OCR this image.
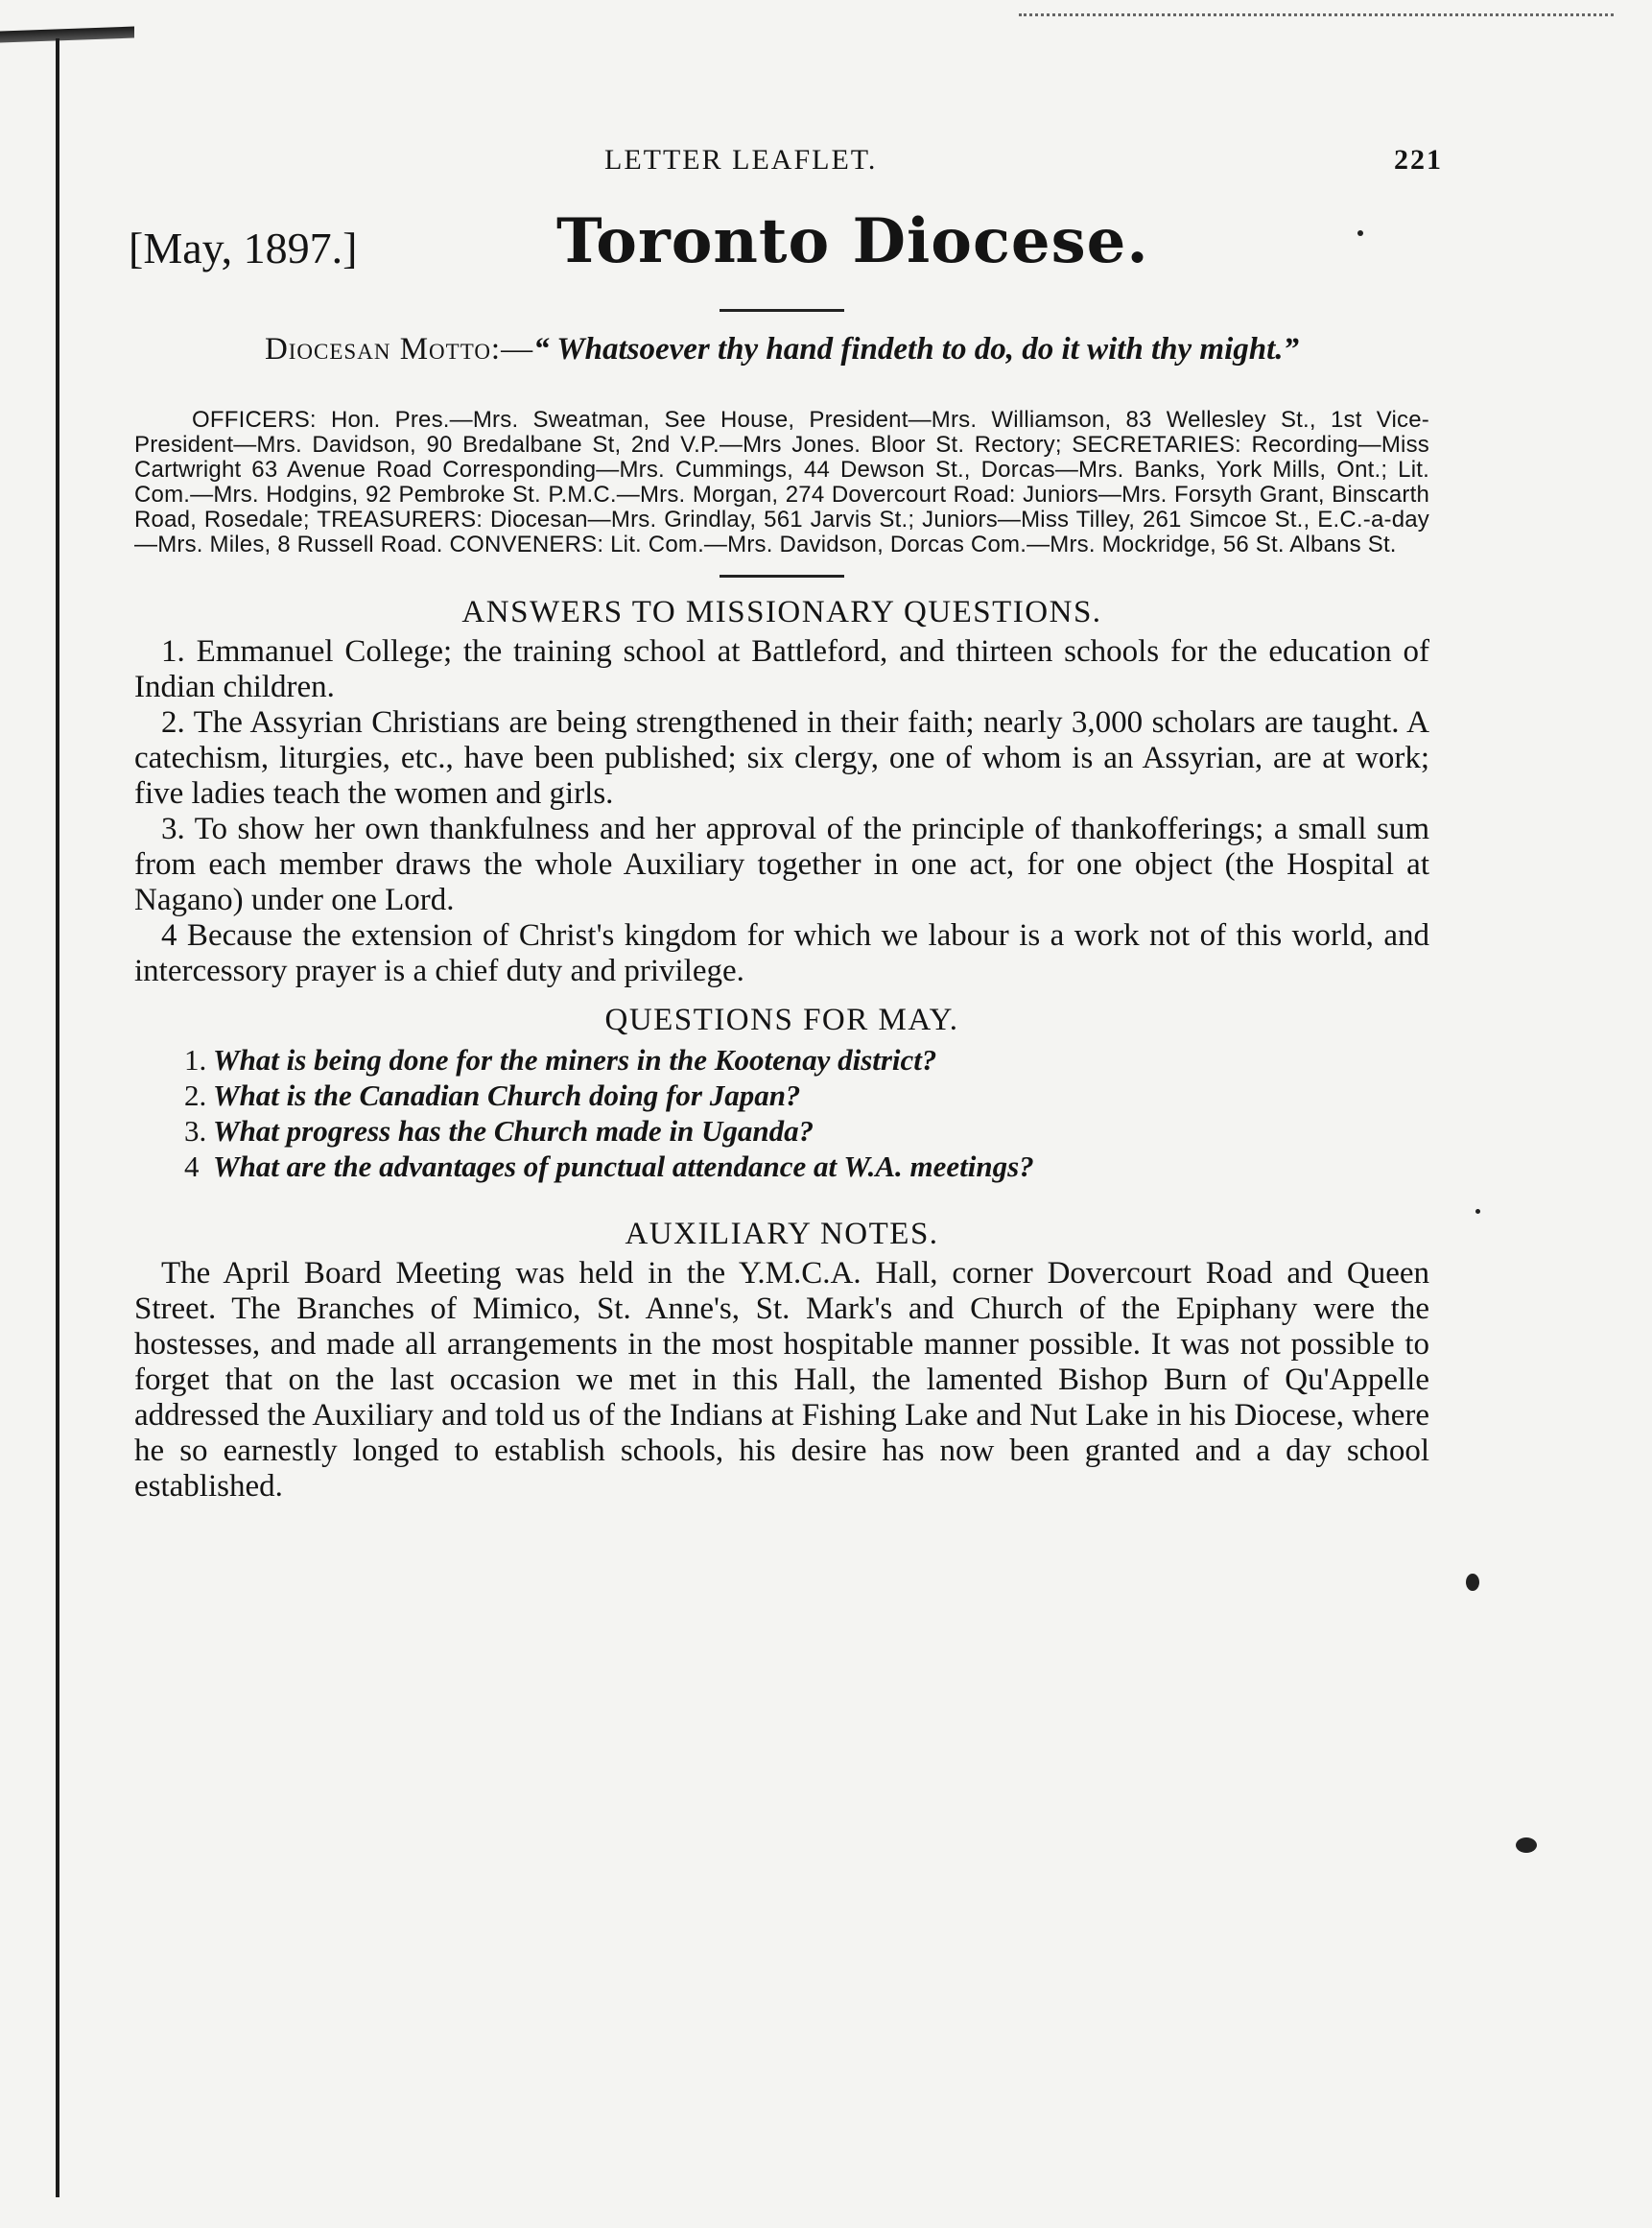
LETTER LEAFLET.	221
[May, 1897.]	Toronto Diocese.
Diocesan Motto:—“ Whatsoever thy hand findeth to do, do it with thy might.”
OFFICERS: Hon. Pres.—Mrs. Sweatman, See House, President—Mrs. Williamson, 83 Wellesley St., 1st Vice-President—Mrs. Davidson, 90 Bredalbane St, 2nd V.P.—Mrs Jones. Bloor St. Rectory; SECRETARIES: Recording—Miss Cartwright 63 Avenue Road Corresponding—Mrs. Cummings, 44 Dewson St., Dorcas—Mrs. Banks, York Mills, Ont.; Lit. Com.—Mrs. Hodgins, 92 Pembroke St. P.M.C.—Mrs. Morgan, 274 Dovercourt Road: Juniors—Mrs. Forsyth Grant, Binscarth Road, Rosedale; TREASURERS: Diocesan—Mrs. Grindlay, 561 Jarvis St.; Juniors—Miss Tilley, 261 Simcoe St., E.C.-a-day—Mrs. Miles, 8 Russell Road. CONVENERS: Lit. Com.—Mrs. Davidson, Dorcas Com.—Mrs. Mockridge, 56 St. Albans St.
ANSWERS TO MISSIONARY QUESTIONS.

1. Emmanuel College; the training school at Battleford, and thirteen schools for the education of Indian children.

2. The Assyrian Christians are being strengthened in their faith; nearly 3,000 scholars are taught. A catechism, liturgies, etc., have been published; six clergy, one of whom is an Assyrian, are at work; five ladies teach the women and girls.

3. To show her own thankfulness and her approval of the principle of thankofferings; a small sum from each member draws the whole Auxiliary together in one act, for one object (the Hospital at Nagano) under one Lord.

4 Because the extension of Christ's kingdom for which we labour is a work not of this world, and intercessory prayer is a chief duty and privilege.

QUESTIONS FOR MAY.
1. What is being done for the miners in the Kootenay district?
2. What is the Canadian Church doing for Japan?
3. What progress has the Church made in Uganda?
4 What are the advantages of punctual attendance at W.A. meetings?
AUXILIARY NOTES.

The April Board Meeting was held in the Y.M.C.A. Hall, corner Dovercourt Road and Queen Street. The Branches of Mimico, St. Anne's, St. Mark's and Church of the Epiphany were the hostesses, and made all arrangements in the most hospitable manner possible. It was not possible to forget that on the last occasion we met in this Hall, the lamented Bishop Burn of Qu'Appelle addressed the Auxiliary and told us of the Indians at Fishing Lake and Nut Lake in his Diocese, where he so earnestly longed to establish schools, his desire has now been granted and a day school established.
